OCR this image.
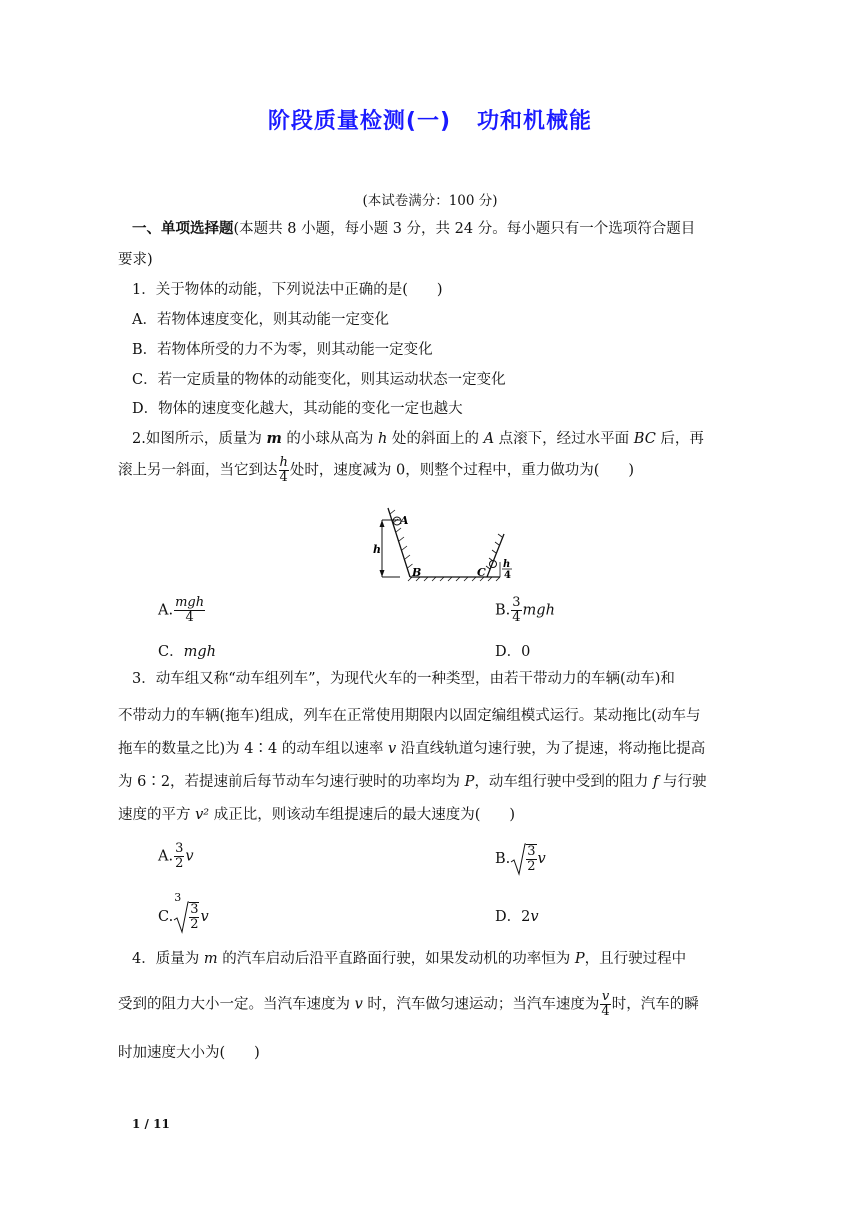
阶段质量检测(一) 功和机械能
(本试卷满分：100 分)
一、单项选择题(本题共 8 小题，每小题 3 分，共 24 分。每小题只有一个选项符合题目
要求)
1．关于物体的动能，下列说法中正确的是(　　)
A．若物体速度变化，则其动能一定变化
B．若物体所受的力不为零，则其动能一定变化
C．若一定质量的物体的动能变化，则其运动状态一定变化
D．物体的速度变化越大，其动能的变化一定也越大
2.如图所示，质量为 m 的小球从高为 h 处的斜面上的 A 点滚下，经过水平面 BC 后，再
滚上另一斜面，当它到达 $\frac{h}{4}$ 处时，速度减为 0，则整个过程中，重力做功为(　　)
h
A
B	C
h
4
A. $\frac{\text{mgh}}{4}$	B. $\frac{3}{4}$ mgh
C．mgh	D．0
3．动车组又称“动车组列车”，为现代火车的一种类型，由若干带动力的车辆(动车)和
不带动力的车辆(拖车)组成，列车在正常使用期限内以固定编组模式运行。某动拖比(动车与
拖车的数量之比)为 4∶4 的动车组以速率 v 沿直线轨道匀速行驶，为了提速，将动拖比提高
为 6∶2，若提速前后每节动车匀速行驶时的功率均为 P，动车组行驶中受到的阻力 f 与行驶
速度的平方 v² 成正比，则该动车组提速后的最大速度为(　　)
A. $\frac{3}{2}$ v	B. $\frac{3}{2}$ v
C.
3
$\frac{3}{2}$ v	D．2v
4．质量为 m 的汽车启动后沿平直路面行驶，如果发动机的功率恒为 P，且行驶过程中
受到的阻力大小一定。当汽车速度为 v 时，汽车做匀速运动；当汽车速度为 $\frac{v}{4}$ 时，汽车的瞬
时加速度大小为(　　)
1 / 11
